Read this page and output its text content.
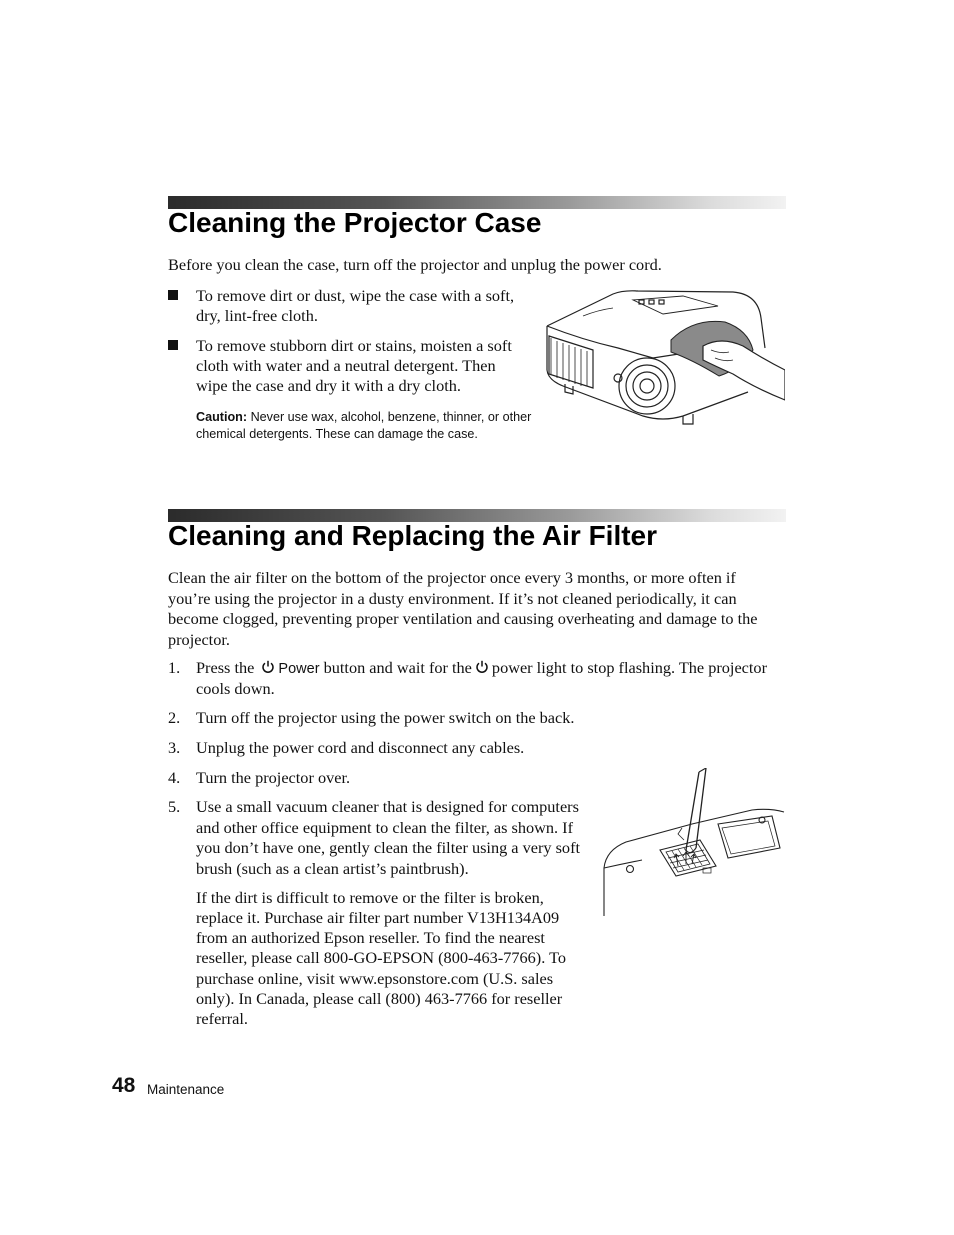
Cleaning the Projector Case

Before you clean the case, turn off the projector and unplug the power cord.

To remove dirt or dust, wipe the case with a soft,
dry, lint-free cloth.
To remove stubborn dirt or stains, moisten a soft
cloth with water and a neutral detergent. Then
wipe the case and dry it with a dry cloth.
Caution: Never use wax, alcohol, benzene, thinner, or other chemical detergents. These can damage the case.
Cleaning and Replacing the Air Filter

Clean the air filter on the bottom of the projector once every 3 months, or more often if

you’re using the projector in a dusty environment. If it’s not cleaned periodically, it can

become clogged, preventing proper ventilation and causing overheating and damage to the

projector.

1. Press the Power button and wait for the power light to stop flashing. The projector
cools down.
2. Turn off the projector using the power switch on the back.
3. Unplug the power cord and disconnect any cables.
4. Turn the projector over.
5. Use a small vacuum cleaner that is designed for computers
and other office equipment to clean the filter, as shown. If
you don’t have one, gently clean the filter using a very soft
brush (such as a clean artist’s paintbrush).
If the dirt is difficult to remove or the filter is broken,
replace it. Purchase air filter part number V13H134A09
from an authorized Epson reseller. To find the nearest
reseller, please call 800-GO-EPSON (800-463-7766). To
purchase online, visit www.epsonstore.com (U.S. sales
only). In Canada, please call (800) 463-7766 for reseller
referral.
48 Maintenance
